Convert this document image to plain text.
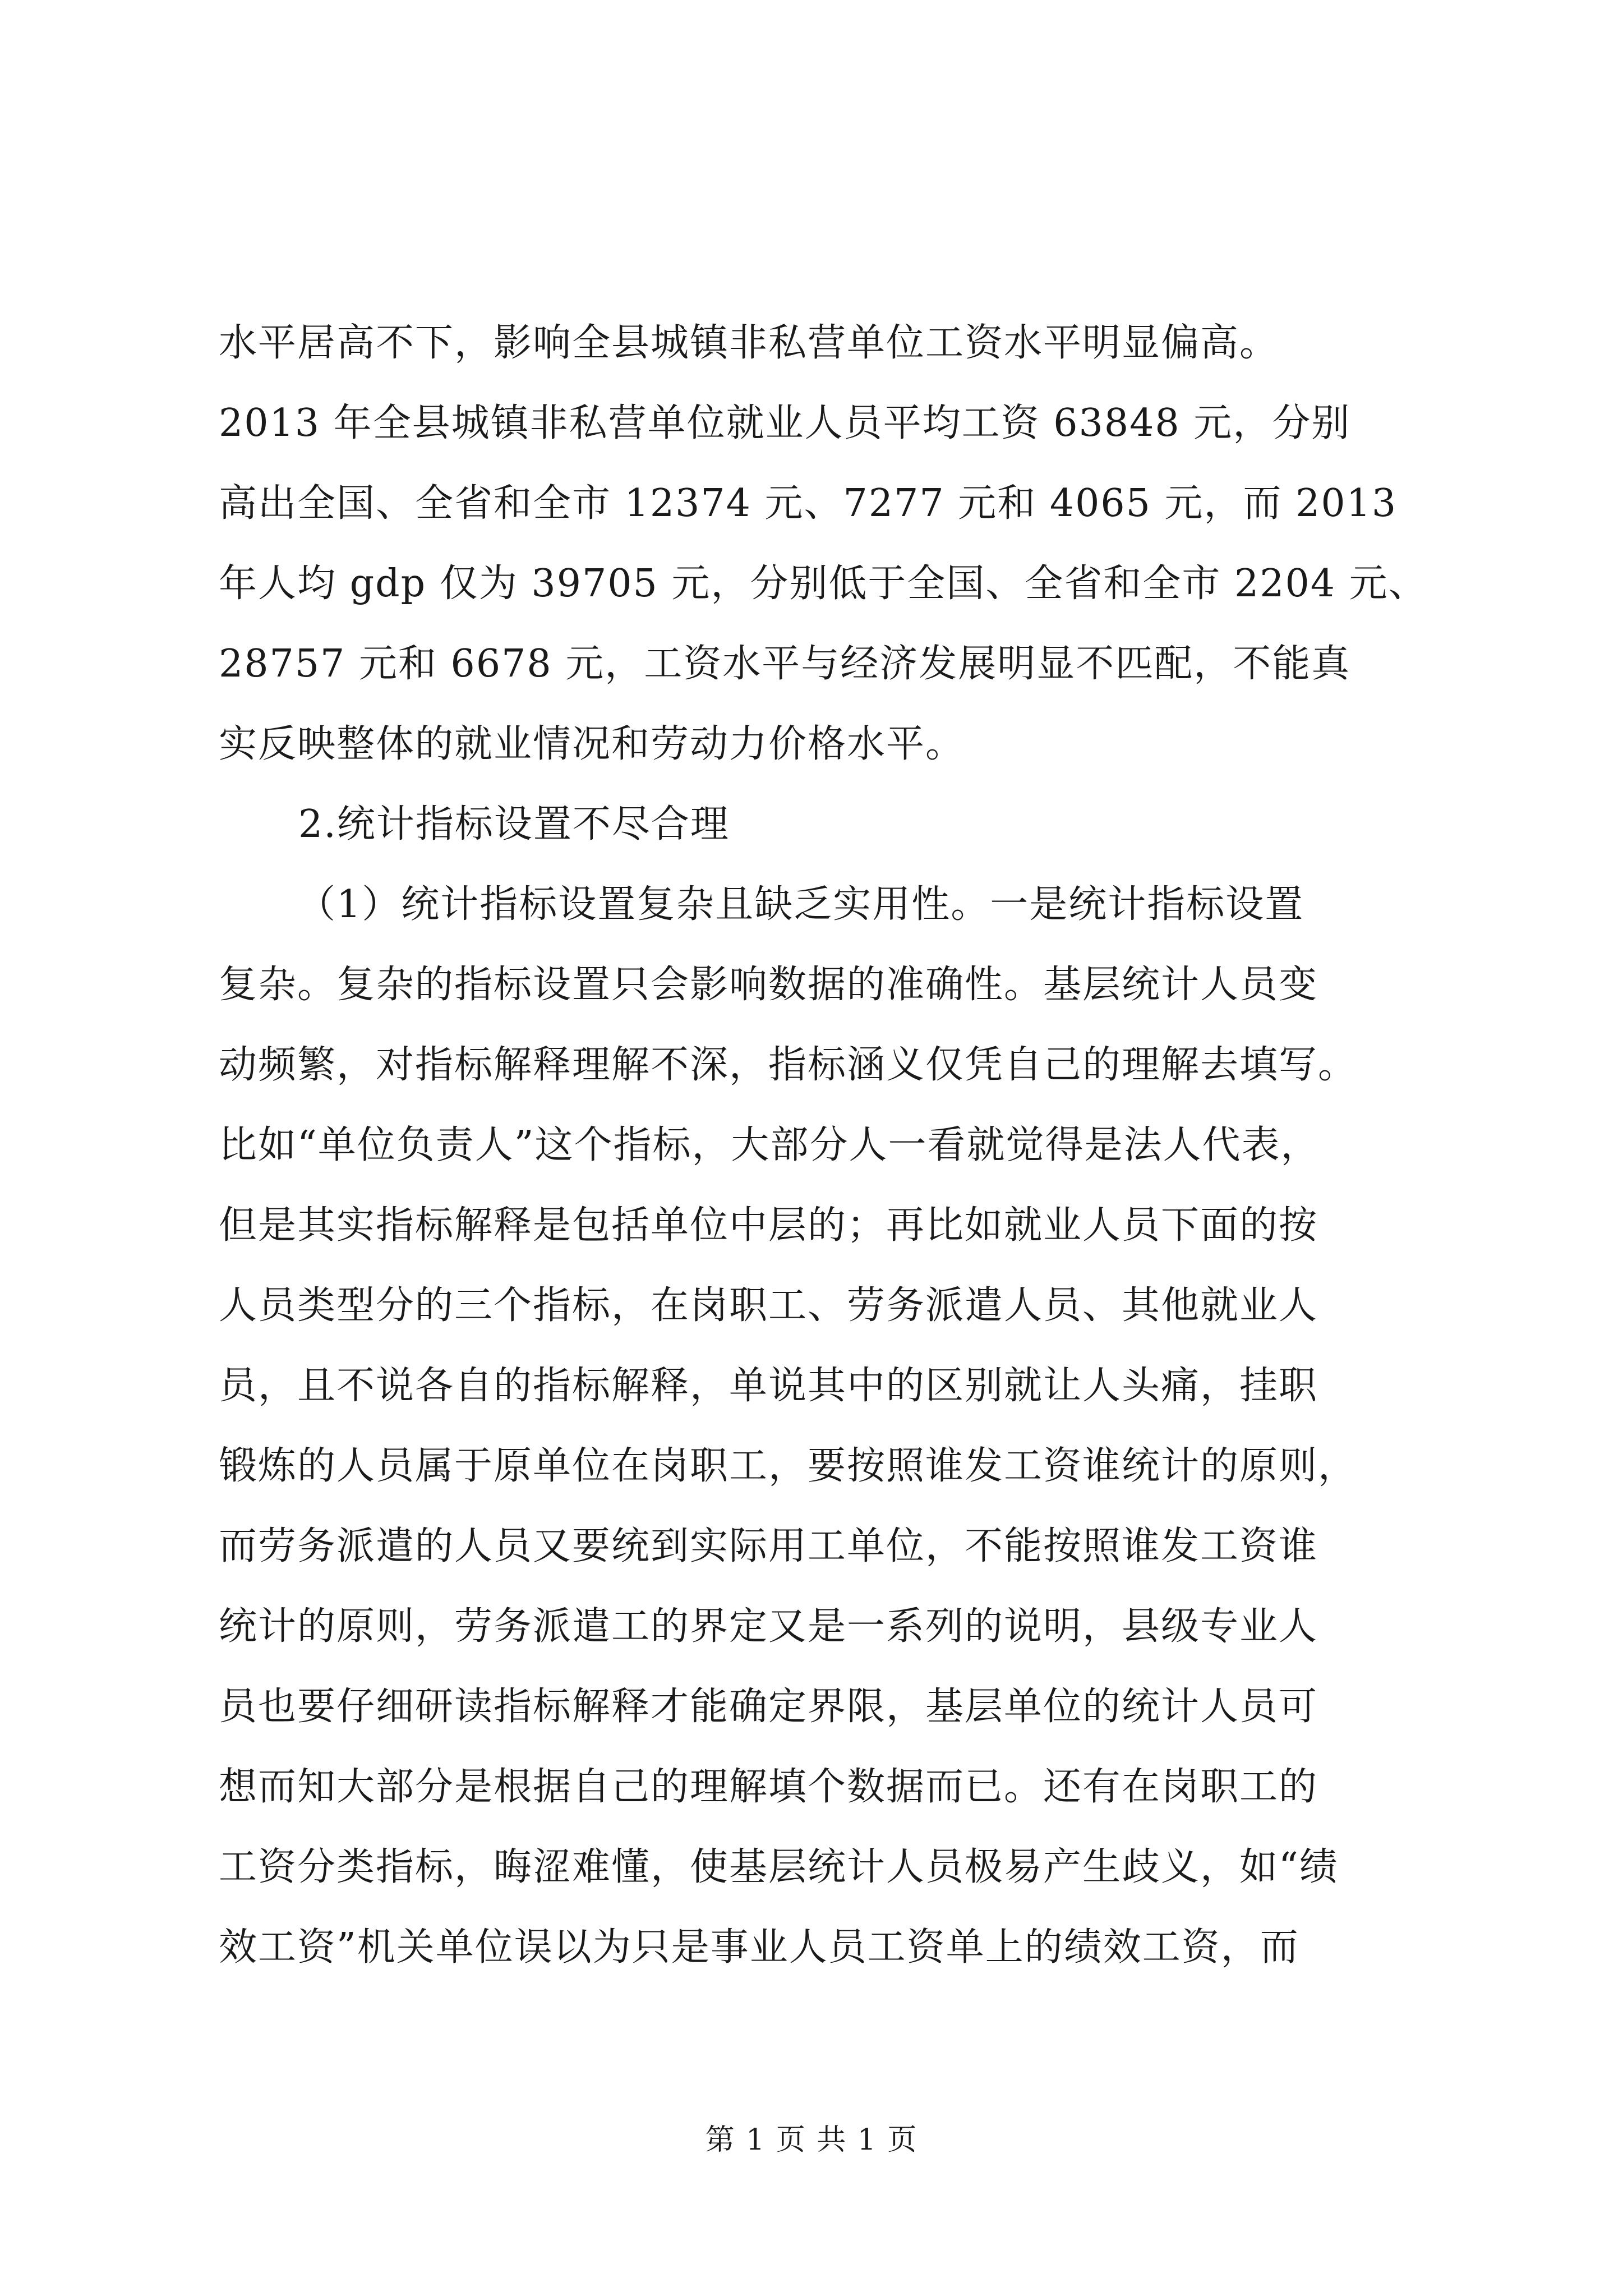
水平居高不下，影响全县城镇非私营单位工资水平明显偏高。
2013 年全县城镇非私营单位就业人员平均工资 63848 元，分别
高出全国、全省和全市 12374 元、7277 元和 4065 元，而 2013
年人均 gdp 仅为 39705 元，分别低于全国、全省和全市 2204 元、
28757 元和 6678 元，工资水平与经济发展明显不匹配，不能真
实反映整体的就业情况和劳动力价格水平。
2.统计指标设置不尽合理
（1）统计指标设置复杂且缺乏实用性。一是统计指标设置
复杂。复杂的指标设置只会影响数据的准确性。基层统计人员变
动频繁，对指标解释理解不深，指标涵义仅凭自己的理解去填写。
比如“单位负责人”这个指标，大部分人一看就觉得是法人代表，
但是其实指标解释是包括单位中层的；再比如就业人员下面的按
人员类型分的三个指标，在岗职工、劳务派遣人员、其他就业人
员，且不说各自的指标解释，单说其中的区别就让人头痛，挂职
锻炼的人员属于原单位在岗职工，要按照谁发工资谁统计的原则，
而劳务派遣的人员又要统到实际用工单位，不能按照谁发工资谁
统计的原则，劳务派遣工的界定又是一系列的说明，县级专业人
员也要仔细研读指标解释才能确定界限，基层单位的统计人员可
想而知大部分是根据自己的理解填个数据而已。还有在岗职工的
工资分类指标，晦涩难懂，使基层统计人员极易产生歧义，如“绩
效工资”机关单位误以为只是事业人员工资单上的绩效工资，而
第 1 页 共 1 页
